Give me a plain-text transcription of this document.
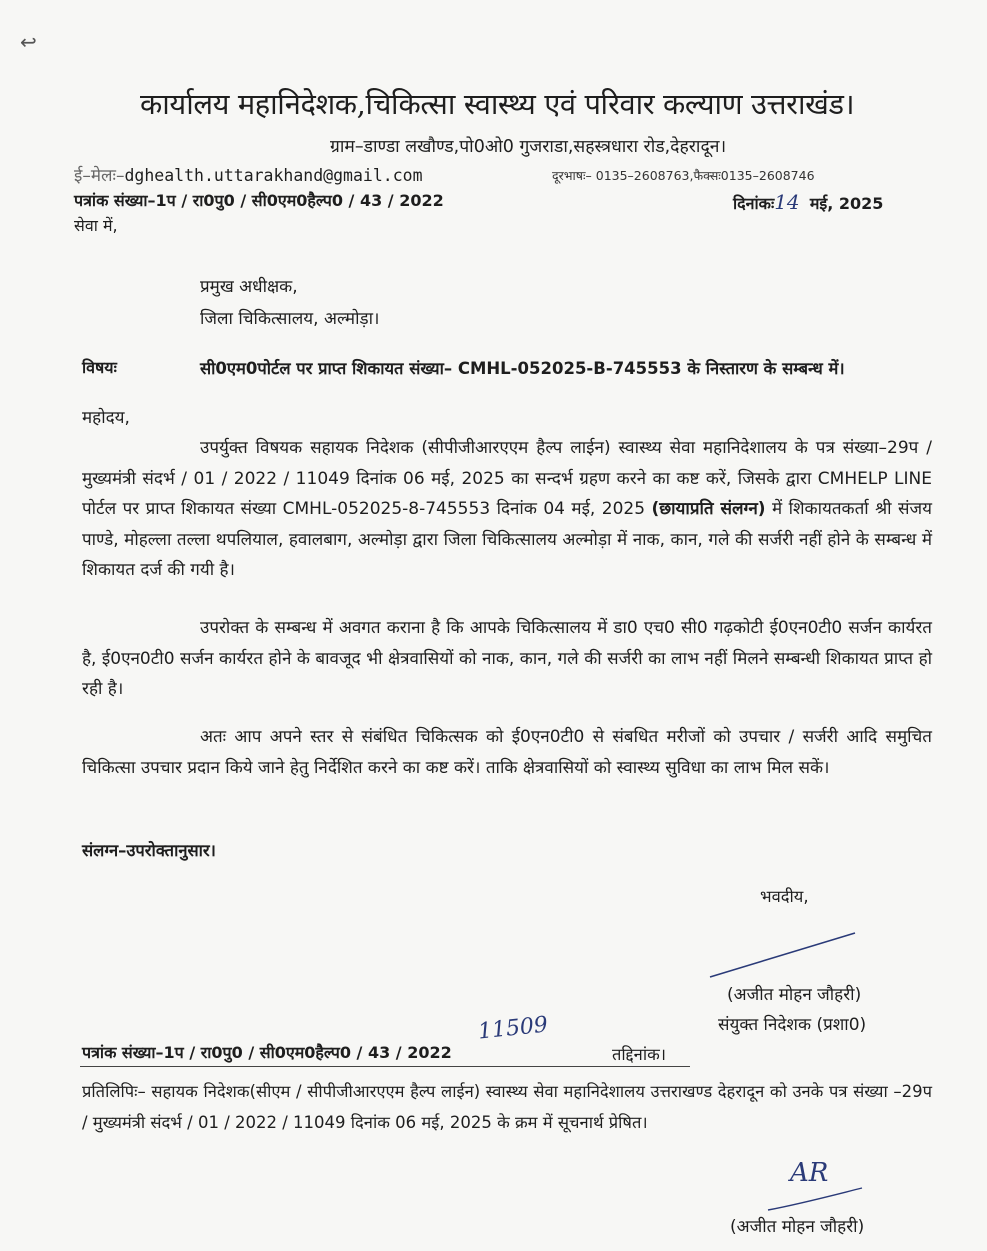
↩
कार्यालय महानिदेशक,चिकित्सा स्वास्थ्य एवं परिवार कल्याण उत्तराखंड।
ग्राम–डाण्डा लखौण्ड,पो0ओ0 गुजराडा,सहस्त्रधारा रोड,देहरादून।
ई–मेलः–dghealth.uttarakhand@gmail.com	दूरभाषः– 0135–2608763,फैक्सः0135–2608746
पत्रांक संख्या–1प / रा0पु0 / सी0एम0हैल्प0 / 43 / 2022	दिनांकः14 मई, 2025
सेवा में,
प्रमुख अधीक्षक,
जिला चिकित्सालय, अल्मोड़ा।
विषयः	सी0एम0पोर्टल पर प्राप्त शिकायत संख्या– CMHL-052025-B-745553 के निस्तारण के सम्बन्ध में।
महोदय,
उपर्युक्त विषयक सहायक निदेशक (सीपीजीआरएएम हैल्प लाईन) स्वास्थ्य सेवा महानिदेशालय के पत्र संख्या–29प / मुख्यमंत्री संदर्भ / 01 / 2022 / 11049 दिनांक 06 मई, 2025 का सन्दर्भ ग्रहण करने का कष्ट करें, जिसके द्वारा CMHELP LINE पोर्टल पर प्राप्त शिकायत संख्या CMHL-052025-8-745553 दिनांक 04 मई, 2025 (छायाप्रति संलग्न) में शिकायतकर्ता श्री संजय पाण्डे, मोहल्ला तल्ला थपलियाल, हवालबाग, अल्मोड़ा द्वारा जिला चिकित्सालय अल्मोड़ा में नाक, कान, गले की सर्जरी नहीं होने के सम्बन्ध में शिकायत दर्ज की गयी है।
उपरोक्त के सम्बन्ध में अवगत कराना है कि आपके चिकित्सालय में डा0 एच0 सी0 गढ़कोटी ई0एन0टी0 सर्जन कार्यरत है, ई0एन0टी0 सर्जन कार्यरत होने के बावजूद भी क्षेत्रवासियों को नाक, कान, गले की सर्जरी का लाभ नहीं मिलने सम्बन्धी शिकायत प्राप्त हो रही है।
अतः आप अपने स्तर से संबंधित चिकित्सक को ई0एन0टी0 से संबधित मरीजों को उपचार / सर्जरी आदि समुचित चिकित्सा उपचार प्रदान किये जाने हेतु निर्देशित करने का कष्ट करें। ताकि क्षेत्रवासियों को स्वास्थ्य सुविधा का लाभ मिल सकें।
संलग्न–उपरोक्तानुसार।
भवदीय,
(अजीत मोहन जौहरी)
संयुक्त निदेशक (प्रशा0)
पत्रांक संख्या–1प / रा0पु0 / सी0एम0हैल्प0 / 43 / 2022
11509
तद्दिनांक।
प्रतिलिपिः– सहायक निदेशक(सीएम / सीपीजीआरएएम हैल्प लाईन) स्वास्थ्य सेवा महानिदेशालय उत्तराखण्ड देहरादून को उनके पत्र संख्या –29प / मुख्यमंत्री संदर्भ / 01 / 2022 / 11049 दिनांक 06 मई, 2025 के क्रम में सूचनार्थ प्रेषित।
AR
(अजीत मोहन जौहरी)
